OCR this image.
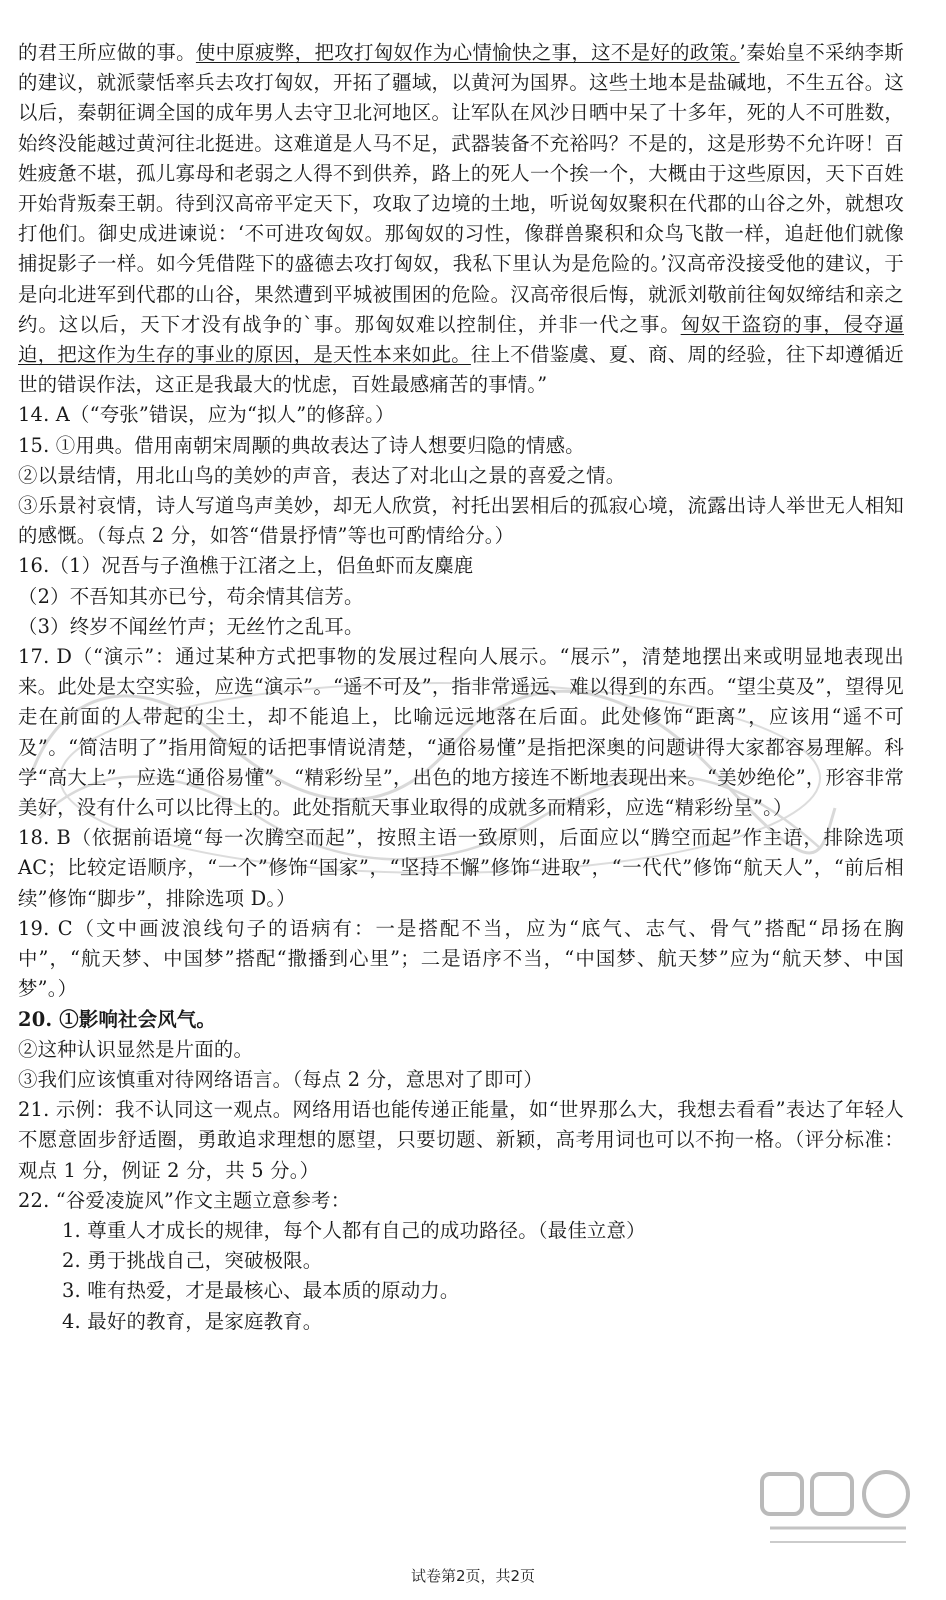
的君王所应做的事。使中原疲弊，把攻打匈奴作为心情愉快之事，这不是好的政策。’秦始皇不采纳李斯的建议，就派蒙恬率兵去攻打匈奴，开拓了疆域，以黄河为国界。这些土地本是盐碱地，不生五谷。这以后，秦朝征调全国的成年男人去守卫北河地区。让军队在风沙日晒中呆了十多年，死的人不可胜数，始终没能越过黄河往北挺进。这难道是人马不足，武器装备不充裕吗？不是的，这是形势不允许呀！百姓疲惫不堪，孤儿寡母和老弱之人得不到供养，路上的死人一个挨一个，大概由于这些原因，天下百姓开始背叛秦王朝。待到汉高帝平定天下，攻取了边境的土地，听说匈奴聚积在代郡的山谷之外，就想攻打他们。御史成进谏说：‘不可进攻匈奴。那匈奴的习性，像群兽聚积和众鸟飞散一样，追赶他们就像捕捉影子一样。如今凭借陛下的盛德去攻打匈奴，我私下里认为是危险的。’汉高帝没接受他的建议，于是向北进军到代郡的山谷，果然遭到平城被围困的危险。汉高帝很后悔，就派刘敬前往匈奴缔结和亲之约。这以后，天下才没有战争的`事。那匈奴难以控制住，并非一代之事。匈奴干盗窃的事，侵夺逼迫，把这作为生存的事业的原因，是天性本来如此。往上不借鉴虞、夏、商、周的经验，往下却遵循近世的错误作法，这正是我最大的忧虑，百姓最感痛苦的事情。”

14. A（“夸张”错误，应为“拟人”的修辞。）

15. ①用典。借用南朝宋周颙的典故表达了诗人想要归隐的情感。

②以景结情，用北山鸟的美妙的声音，表达了对北山之景的喜爱之情。

③乐景衬哀情，诗人写道鸟声美妙，却无人欣赏，衬托出罢相后的孤寂心境，流露出诗人举世无人相知的感慨。（每点 2 分，如答“借景抒情”等也可酌情给分。）

16.（1）况吾与子渔樵于江渚之上，侣鱼虾而友麋鹿

（2）不吾知其亦已兮，苟余情其信芳。

（3）终岁不闻丝竹声；无丝竹之乱耳。

17. D（“演示”：通过某种方式把事物的发展过程向人展示。“展示”，清楚地摆出来或明显地表现出来。此处是太空实验，应选“演示”。“遥不可及”，指非常遥远、难以得到的东西。“望尘莫及”，望得见走在前面的人带起的尘土，却不能追上，比喻远远地落在后面。此处修饰“距离”，应该用“遥不可及”。“简洁明了”指用简短的话把事情说清楚，“通俗易懂”是指把深奥的问题讲得大家都容易理解。科学“高大上”，应选“通俗易懂”。“精彩纷呈”，出色的地方接连不断地表现出来。“美妙绝伦”，形容非常美好，没有什么可以比得上的。此处指航天事业取得的成就多而精彩，应选“精彩纷呈”。）

18. B（依据前语境“每一次腾空而起”，按照主语一致原则，后面应以“腾空而起”作主语，排除选项 AC；比较定语顺序，“一个”修饰“国家”，“坚持不懈”修饰“进取”，“一代代”修饰“航天人”，“前后相续”修饰“脚步”，排除选项 D。）

19. C（文中画波浪线句子的语病有：一是搭配不当，应为“底气、志气、骨气”搭配“昂扬在胸中”，“航天梦、中国梦”搭配“撒播到心里”；二是语序不当，“中国梦、航天梦”应为“航天梦、中国梦”。）

20. ①影响社会风气。

②这种认识显然是片面的。

③我们应该慎重对待网络语言。（每点 2 分，意思对了即可）

21. 示例：我不认同这一观点。网络用语也能传递正能量，如“世界那么大，我想去看看”表达了年轻人不愿意固步舒适圈，勇敢追求理想的愿望，只要切题、新颖，高考用词也可以不拘一格。（评分标准：观点 1 分，例证 2 分，共 5 分。）

22. “谷爱凌旋风”作文主题立意参考：

1. 尊重人才成长的规律，每个人都有自己的成功路径。（最佳立意）

2. 勇于挑战自己，突破极限。

3. 唯有热爱，才是最核心、最本质的原动力。

4. 最好的教育，是家庭教育。

试卷第2页，共2页
